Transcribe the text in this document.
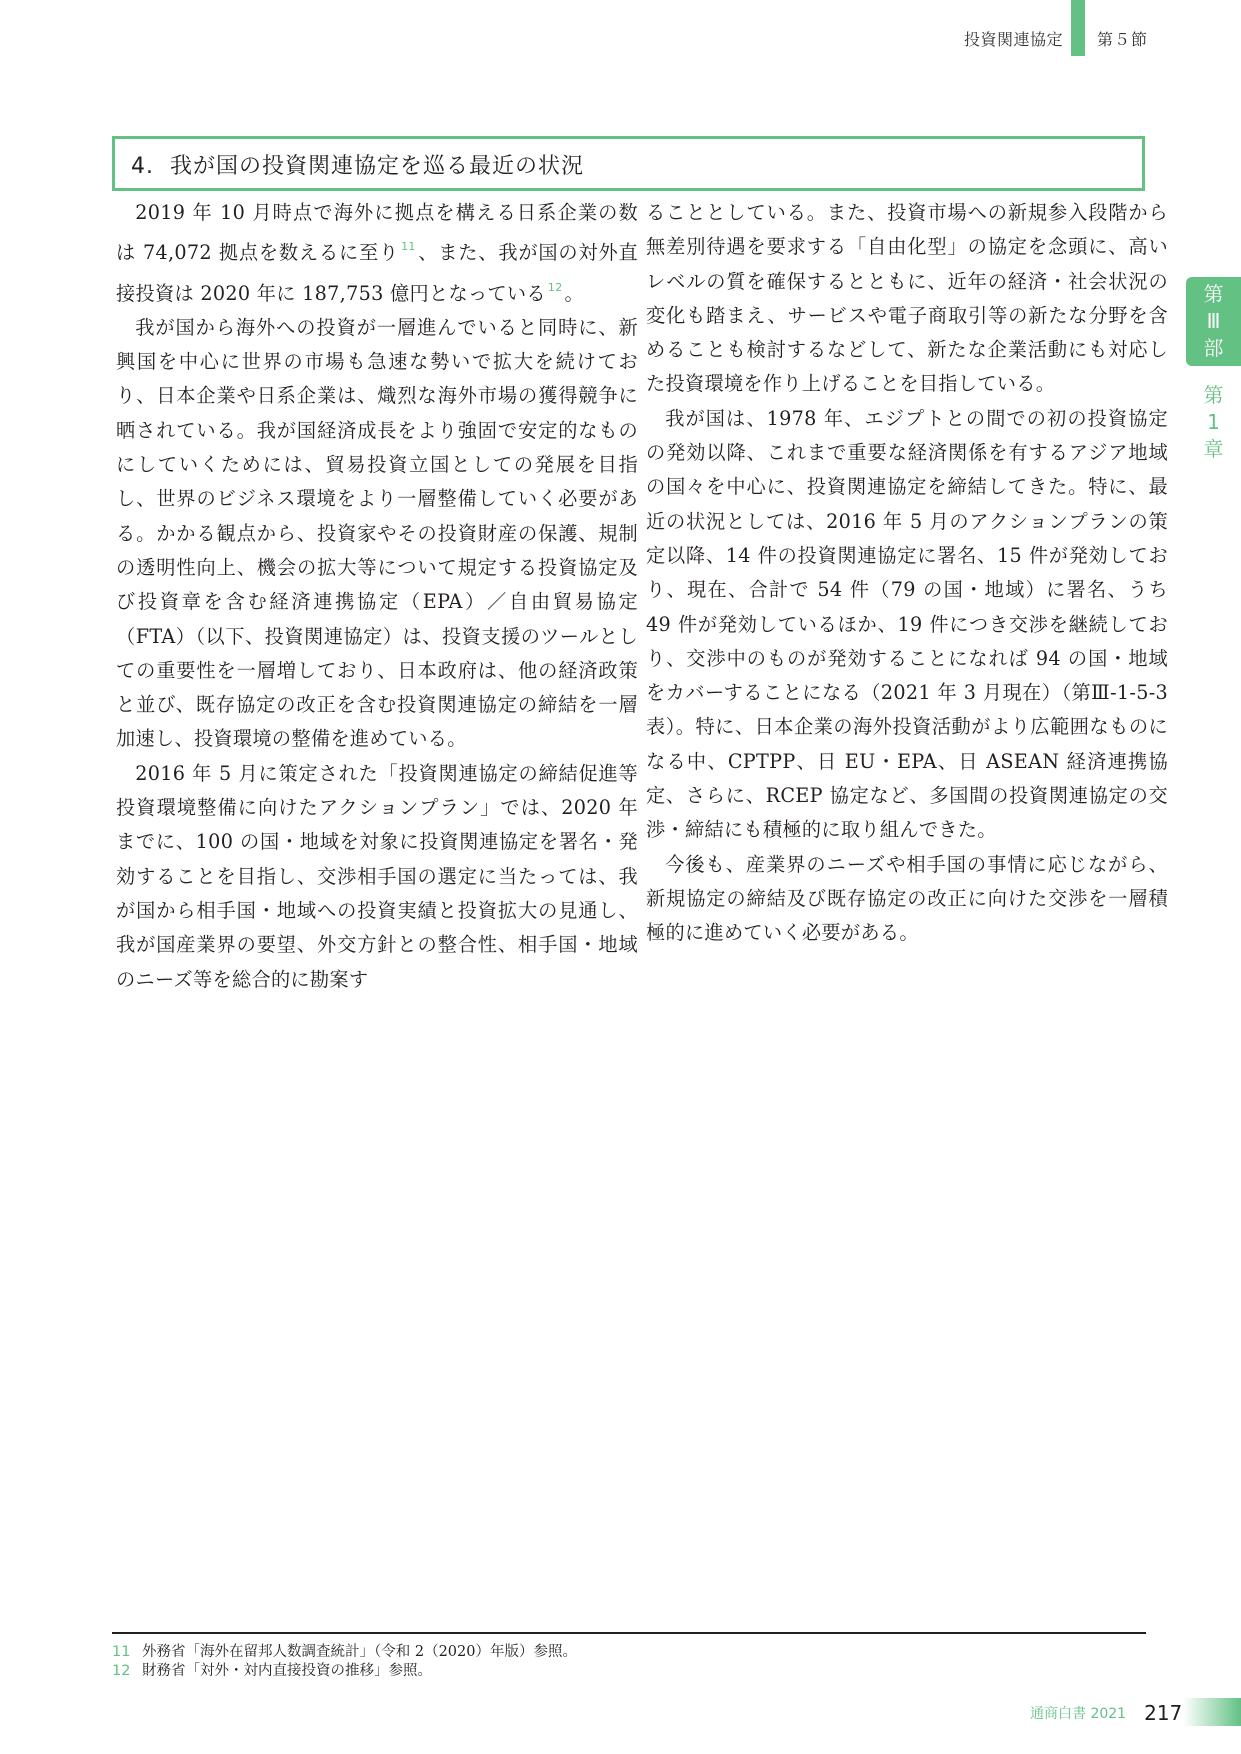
投資関連協定 第５節
第
Ⅲ
部
第
1
章
4.  我が国の投資関連協定を巡る最近の状況

2019 年 10 月時点で海外に拠点を構える日系企業の数は 74,072 拠点を数えるに至り $^{11}$ 、また、我が国の対外直接投資は 2020 年に 187,753 億円となっている $^{12}$ 。

我が国から海外への投資が一層進んでいると同時に、新興国を中心に世界の市場も急速な勢いで拡大を続けており、日本企業や日系企業は、熾烈な海外市場の獲得競争に晒されている。我が国経済成長をより強固で安定的なものにしていくためには、貿易投資立国としての発展を目指し、世界のビジネス環境をより一層整備していく必要がある。かかる観点から、投資家やその投資財産の保護、規制の透明性向上、機会の拡大等について規定する投資協定及び投資章を含む経済連携協定（EPA）／自由貿易協定（FTA）（以下、投資関連協定）は、投資支援のツールとしての重要性を一層増しており、日本政府は、他の経済政策と並び、既存協定の改正を含む投資関連協定の締結を一層加速し、投資環境の整備を進めている。

2016 年 5 月に策定された「投資関連協定の締結促進等投資環境整備に向けたアクションプラン」では、2020 年までに、100 の国・地域を対象に投資関連協定を署名・発効することを目指し、交渉相手国の選定に当たっては、我が国から相手国・地域への投資実績と投資拡大の見通し、我が国産業界の要望、外交方針との整合性、相手国・地域のニーズ等を総合的に勘案す

ることとしている。また、投資市場への新規参入段階から無差別待遇を要求する「自由化型」の協定を念頭に、高いレベルの質を確保するとともに、近年の経済・社会状況の変化も踏まえ、サービスや電子商取引等の新たな分野を含めることも検討するなどして、新たな企業活動にも対応した投資環境を作り上げることを目指している。

我が国は、1978 年、エジプトとの間での初の投資協定の発効以降、これまで重要な経済関係を有するアジア地域の国々を中心に、投資関連協定を締結してきた。特に、最近の状況としては、2016 年 5 月のアクションプランの策定以降、14 件の投資関連協定に署名、15 件が発効しており、現在、合計で 54 件（79 の国・地域）に署名、うち 49 件が発効しているほか、19 件につき交渉を継続しており、交渉中のものが発効することになれば 94 の国・地域をカバーすることになる（2021 年 3 月現在）（第Ⅲ-1-5-3 表）。特に、日本企業の海外投資活動がより広範囲なものになる中、CPTPP、日 EU・EPA、日 ASEAN 経済連携協定、さらに、RCEP 協定など、多国間の投資関連協定の交渉・締結にも積極的に取り組んできた。

今後も、産業界のニーズや相手国の事情に応じながら、新規協定の締結及び既存協定の改正に向けた交渉を一層積極的に進めていく必要がある。

11 外務省「海外在留邦人数調査統計」（令和 2（2020）年版）参照。
12 財務省「対外・対内直接投資の推移」参照。
通商白書 2021 217
